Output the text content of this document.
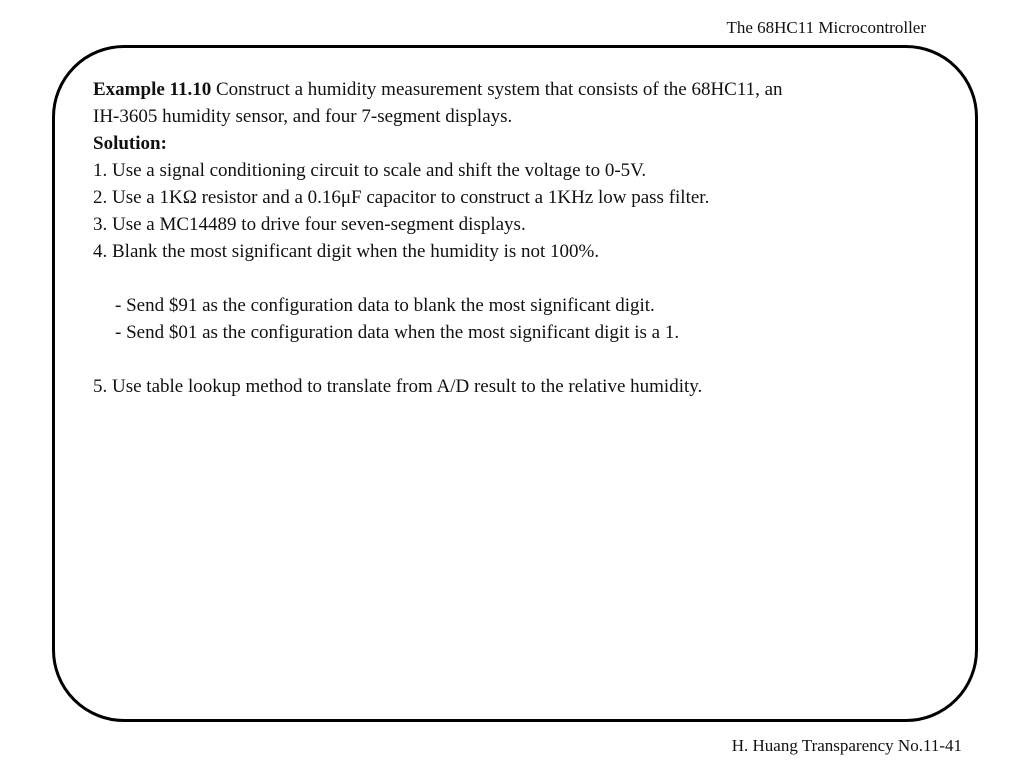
The 68HC11 Microcontroller
Example 11.10 Construct a humidity measurement system that consists of the 68HC11, an
IH-3605 humidity sensor, and four 7-segment displays.
Solution:
1. Use a signal conditioning circuit to scale and shift the voltage to 0-5V.
2. Use a 1KΩ resistor and a 0.16μF capacitor to construct a 1KHz low pass filter.
3. Use a MC14489 to drive four seven-segment displays.
4. Blank the most significant digit when the humidity is not 100%.
- Send $91 as the configuration data to blank the most significant digit.
- Send $01 as the configuration data when the most significant digit is a 1.
5. Use table lookup method to translate from A/D result to the relative humidity.
H. Huang Transparency No.11-41
